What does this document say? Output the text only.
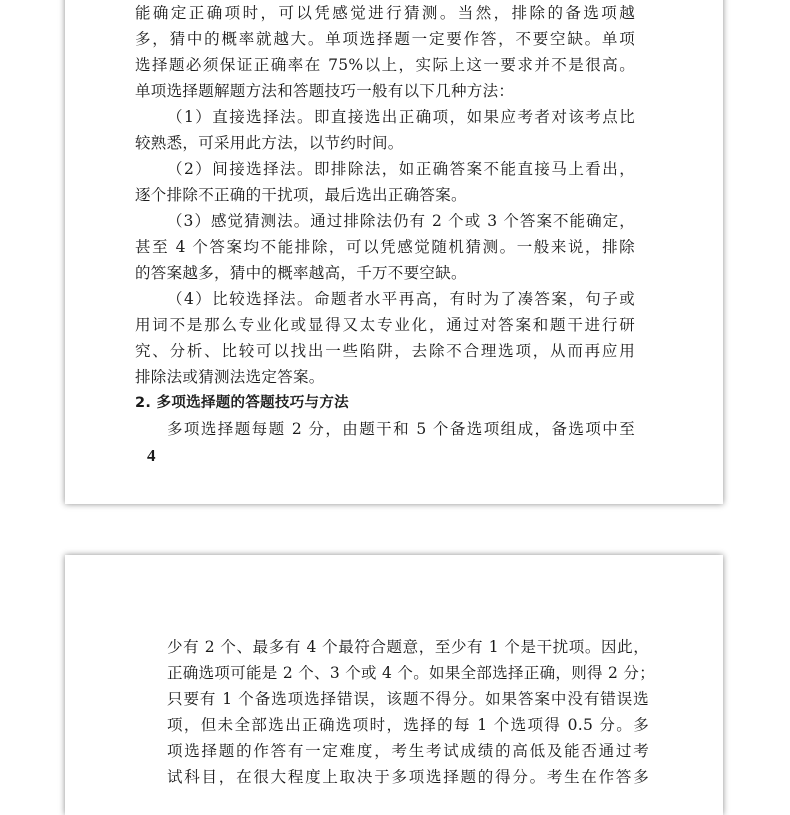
能确定正确项时，可以凭感觉进行猜测。当然，排除的备选项越
多，猜中的概率就越大。单项选择题一定要作答，不要空缺。单项
选择题必须保证正确率在 75%以上，实际上这一要求并不是很高。
单项选择题解题方法和答题技巧一般有以下几种方法：
（1）直接选择法。即直接选出正确项，如果应考者对该考点比
较熟悉，可采用此方法，以节约时间。
（2）间接选择法。即排除法，如正确答案不能直接马上看出，
逐个排除不正确的干扰项，最后选出正确答案。
（3）感觉猜测法。通过排除法仍有 2 个或 3 个答案不能确定，
甚至 4 个答案均不能排除，可以凭感觉随机猜测。一般来说，排除
的答案越多，猜中的概率越高，千万不要空缺。
（4）比较选择法。命题者水平再高，有时为了凑答案，句子或
用词不是那么专业化或显得又太专业化，通过对答案和题干进行研
究、分析、比较可以找出一些陷阱，去除不合理选项，从而再应用
排除法或猜测法选定答案。
2. 多项选择题的答题技巧与方法
多项选择题每题 2 分，由题干和 5 个备选项组成，备选项中至
4
少有 2 个、最多有 4 个最符合题意，至少有 1 个是干扰项。因此，
正确选项可能是 2 个、3 个或 4 个。如果全部选择正确，则得 2 分；
只要有 1 个备选项选择错误，该题不得分。如果答案中没有错误选
项，但未全部选出正确选项时，选择的每 1 个选项得 0.5 分。多
项选择题的作答有一定难度，考生考试成绩的高低及能否通过考
试科目，在很大程度上取决于多项选择题的得分。考生在作答多
